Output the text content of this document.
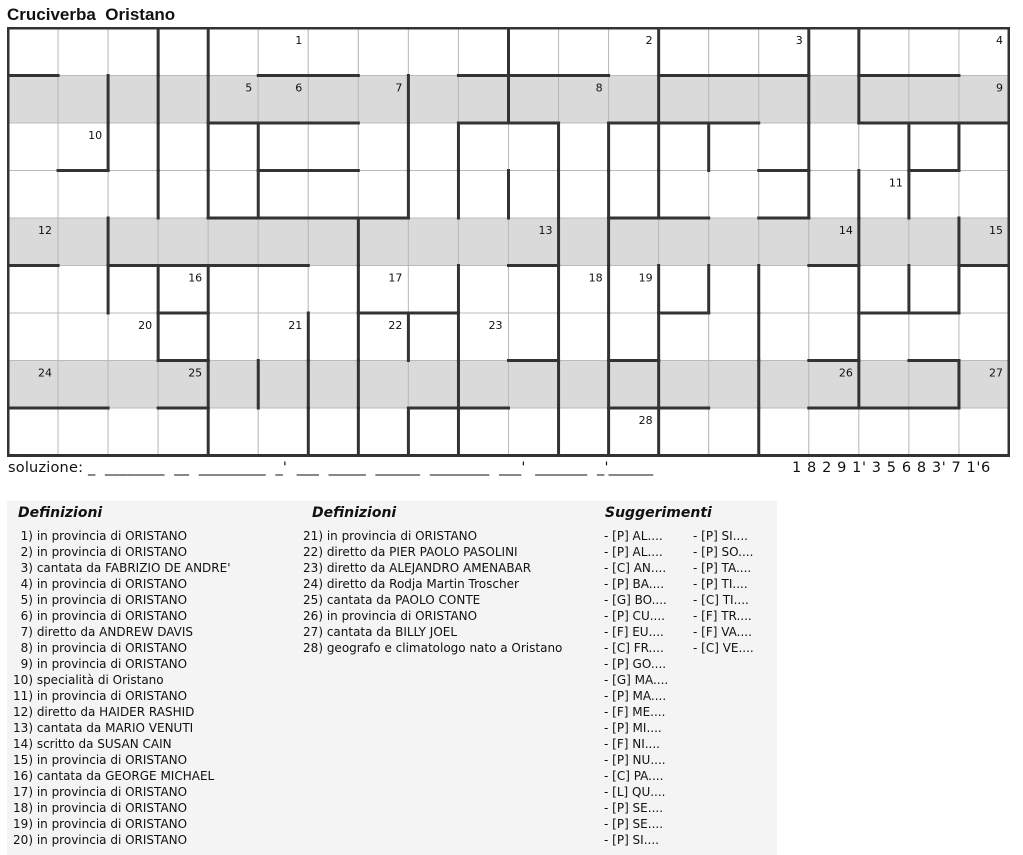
Cruciverba  Oristano
1	2	3	4
5	6	7	8	9
10
11
12	13	14	15
16	17	18	19
20	21	22	23
24	25	26	27
28
soluzione: _  ________  __  _________  _'  ___  _____  ______  ________  ___'  _______  _'______	1 8 2 9 1' 3 5 6 8 3' 7 1'6
Definizioni	Definizioni	Suggerimenti
1) in provincia di ORISTANO
2) in provincia di ORISTANO
3) cantata da FABRIZIO DE ANDRE'
4) in provincia di ORISTANO
5) in provincia di ORISTANO
6) in provincia di ORISTANO
7) diretto da ANDREW DAVIS
8) in provincia di ORISTANO
9) in provincia di ORISTANO
10) specialità di Oristano
11) in provincia di ORISTANO
12) diretto da HAIDER RASHID
13) cantata da MARIO VENUTI
14) scritto da SUSAN CAIN
15) in provincia di ORISTANO
16) cantata da GEORGE MICHAEL
17) in provincia di ORISTANO
18) in provincia di ORISTANO
19) in provincia di ORISTANO
20) in provincia di ORISTANO
21) in provincia di ORISTANO
22) diretto da PIER PAOLO PASOLINI
23) diretto da ALEJANDRO AMENABAR
24) diretto da Rodja Martin Troscher
25) cantata da PAOLO CONTE
26) in provincia di ORISTANO
27) cantata da BILLY JOEL
28) geografo e climatologo nato a Oristano
- [P] AL....
- [P] AL....
- [C] AN....
- [P] BA....
- [G] BO....
- [P] CU....
- [F] EU....
- [C] FR....
- [P] GO....
- [G] MA....
- [P] MA....
- [F] ME....
- [P] MI....
- [F] NI....
- [P] NU....
- [C] PA....
- [L] QU....
- [P] SE....
- [P] SE....
- [P] SI....
- [P] SI....
- [P] SO....
- [P] TA....
- [P] TI....
- [C] TI....
- [F] TR....
- [F] VA....
- [C] VE....
